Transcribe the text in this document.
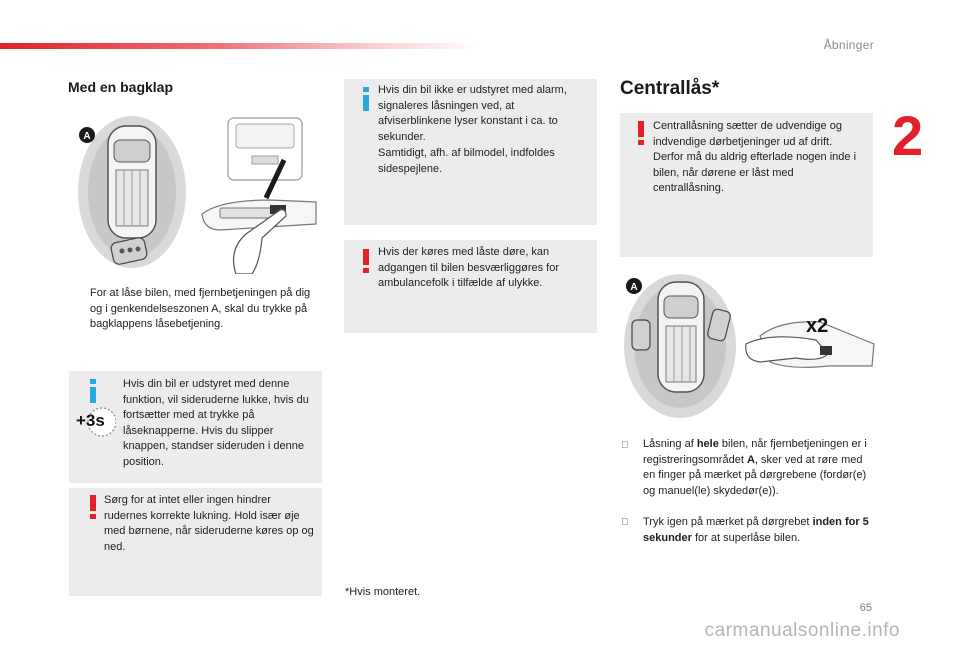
Åbninger
2
Med en bagklap
A
For at låse bilen, med fjernbetjeningen på dig og i genkendelseszonen A, skal du trykke på bagklappens låsebetjening.
+3s
Hvis din bil er udstyret med denne funktion, vil sideruderne lukke, hvis du fortsætter med at trykke på låseknapperne. Hvis du slipper knappen, standser sideruden i denne position.
Sørg for at intet eller ingen hindrer rudernes korrekte lukning. Hold især øje med børnene, når sideruderne køres op og ned.
Hvis din bil ikke er udstyret med alarm, signaleres låsningen ved, at afviserblinkene lyser konstant i ca. to sekunder.
Samtidigt, afh. af bilmodel, indfoldes sidespejlene.
Hvis der køres med låste døre, kan adgangen til bilen besværliggøres for ambulancefolk i tilfælde af ulykke.
*Hvis monteret.
Centrallås*
Centrallåsning sætter de udvendige og indvendige dørbetjeninger ud af drift. Derfor må du aldrig efterlade nogen inde i bilen, når dørene er låst med centrallåsning.
A
x2
Låsning af hele bilen, når fjernbetjeningen er i registreringsområdet A, sker ved at røre med en finger på mærket på dørgrebene (fordør(e) og manuel(le) skydedør(e)).
Tryk igen på mærket på dørgrebet inden for 5 sekunder for at superlåse bilen.
65
carmanualsonline.info
